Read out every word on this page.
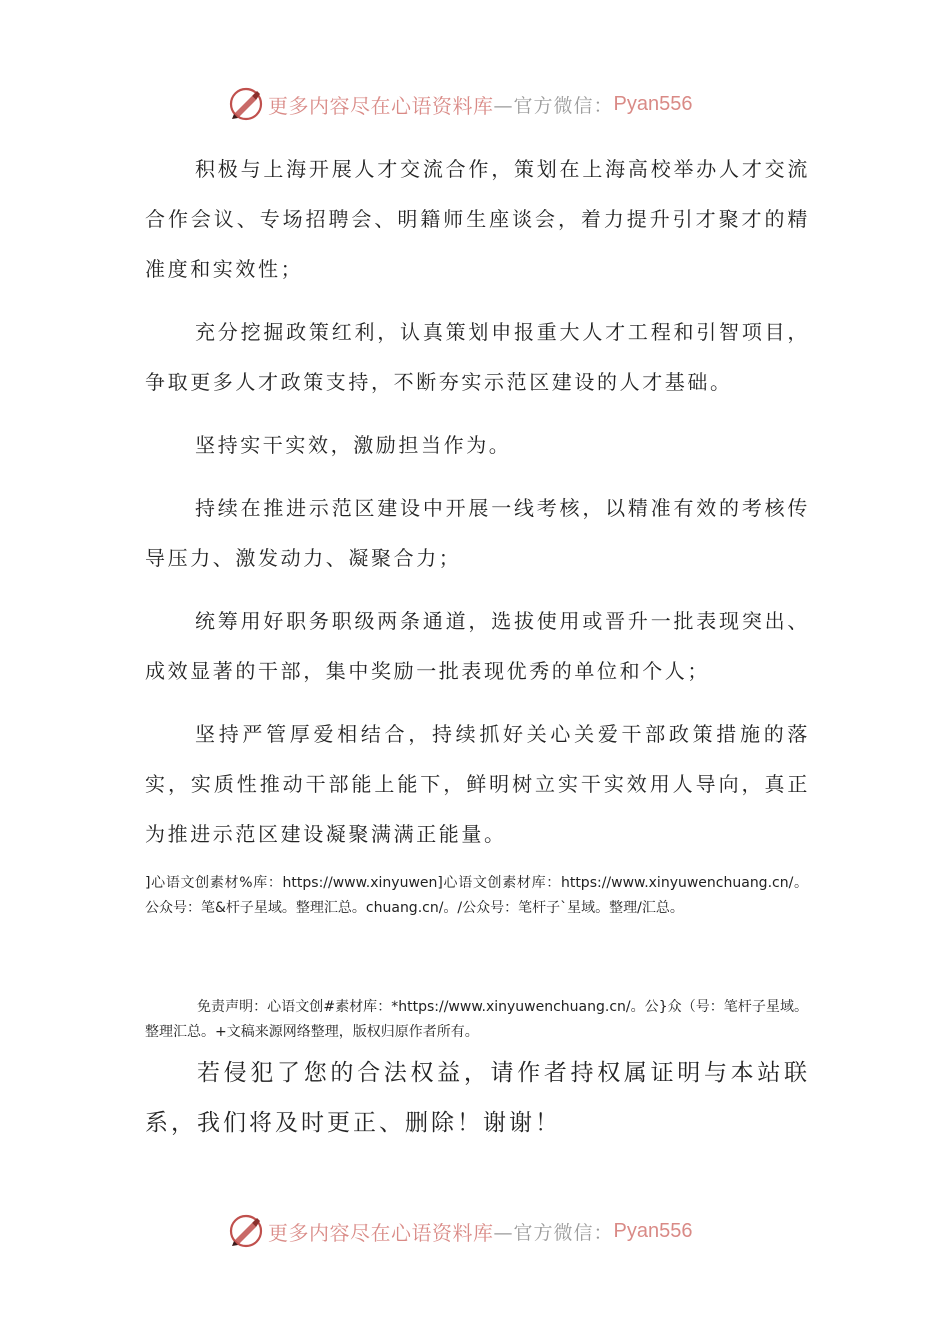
更多内容尽在心语资料库 —官方微信： Pyan556

积极与上海开展人才交流合作，策划在上海高校举办人才交流合作会议、专场招聘会、明籍师生座谈会，着力提升引才聚才的精准度和实效性；

充分挖掘政策红利，认真策划申报重大人才工程和引智项目，争取更多人才政策支持，不断夯实示范区建设的人才基础。

坚持实干实效，激励担当作为。

持续在推进示范区建设中开展一线考核，以精准有效的考核传导压力、激发动力、凝聚合力；

统筹用好职务职级两条通道，选拔使用或晋升一批表现突出、成效显著的干部，集中奖励一批表现优秀的单位和个人；

坚持严管厚爱相结合，持续抓好关心关爱干部政策措施的落实，实质性推动干部能上能下，鲜明树立实干实效用人导向，真正为推进示范区建设凝聚满满正能量。

]心语文创素材%库：https://www.xinyuwen]心语文创素材库：https://www.xinyuwenchuang.cn/。公众号：笔&杆子星域。整理汇总。chuang.cn/。/公众号：笔杆子`星域。整理/汇总。

免责声明：心语文创#素材库：*https://www.xinyuwenchuang.cn/。公}众（号：笔杆子星域。整理汇总。+文稿来源网络整理，版权归原作者所有。

若侵犯了您的合法权益，请作者持权属证明与本站联系，我们将及时更正、删除！谢谢！

更多内容尽在心语资料库 —官方微信： Pyan556
